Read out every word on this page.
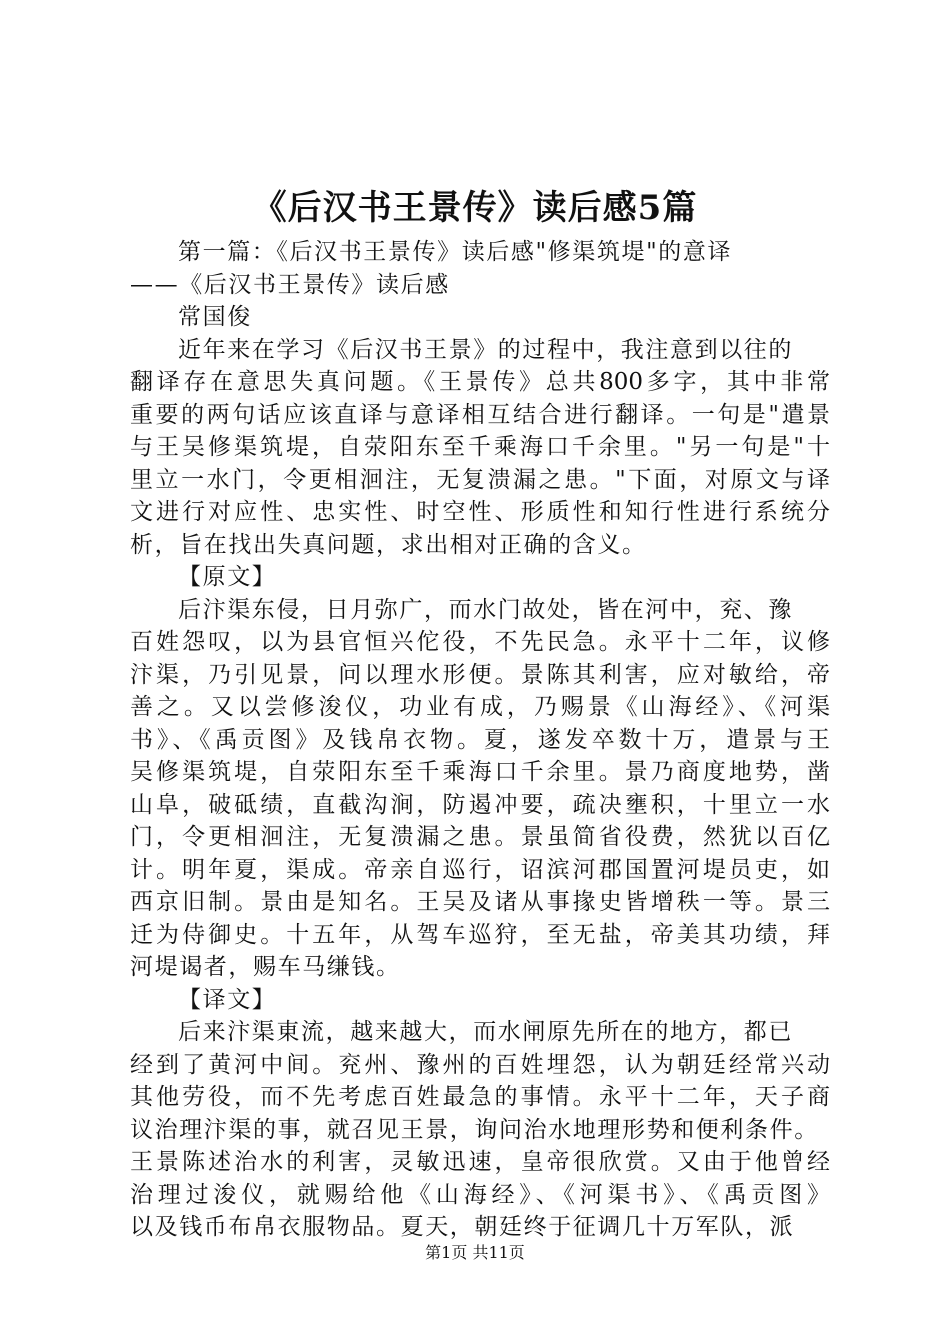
《后汉书王景传》读后感5篇
第一篇：《后汉书王景传》读后感"修渠筑堤"的意译
——《后汉书王景传》读后感
常国俊
近年来在学习《后汉书王景》的过程中，我注意到以往的
翻译存在意思失真问题。《王景传》总共800多字，其中非常
重要的两句话应该直译与意译相互结合进行翻译。一句是"遣景
与王吴修渠筑堤，自荥阳东至千乘海口千余里。"另一句是"十
里立一水门，令更相洄注，无复溃漏之患。"下面，对原文与译
文进行对应性、忠实性、时空性、形质性和知行性进行系统分
析，旨在找出失真问题，求出相对正确的含义。
【原文】
后汴渠东侵，日月弥广，而水门故处，皆在河中，兖、豫
百姓怨叹，以为县官恒兴佗役，不先民急。永平十二年，议修
汴渠，乃引见景，问以理水形便。景陈其利害，应对敏给，帝
善之。又以尝修浚仪，功业有成，乃赐景《山海经》、《河渠
书》、《禹贡图》及钱帛衣物。夏，遂发卒数十万，遣景与王
吴修渠筑堤，自荥阳东至千乘海口千余里。景乃商度地势，凿
山阜，破砥绩，直截沟涧，防遏冲要，疏决壅积，十里立一水
门，令更相洄注，无复溃漏之患。景虽简省役费，然犹以百亿
计。明年夏，渠成。帝亲自巡行，诏滨河郡国置河堤员吏，如
西京旧制。景由是知名。王吴及诸从事掾史皆增秩一等。景三
迁为侍御史。十五年，从驾车巡狩，至无盐，帝美其功绩，拜
河堤谒者，赐车马缣钱。
【译文】
后来汴渠東流，越来越大，而水闸原先所在的地方，都已
经到了黄河中间。兖州、豫州的百姓埋怨，认为朝廷经常兴动
其他劳役，而不先考虑百姓最急的事情。永平十二年，天子商
议治理汴渠的事，就召见王景，询问治水地理形势和便利条件。
王景陈述治水的利害，灵敏迅速，皇帝很欣赏。又由于他曾经
治理过浚仪，就赐给他《山海经》、《河渠书》、《禹贡图》
以及钱币布帛衣服物品。夏天，朝廷终于征调几十万军队，派
第1页 共11页
